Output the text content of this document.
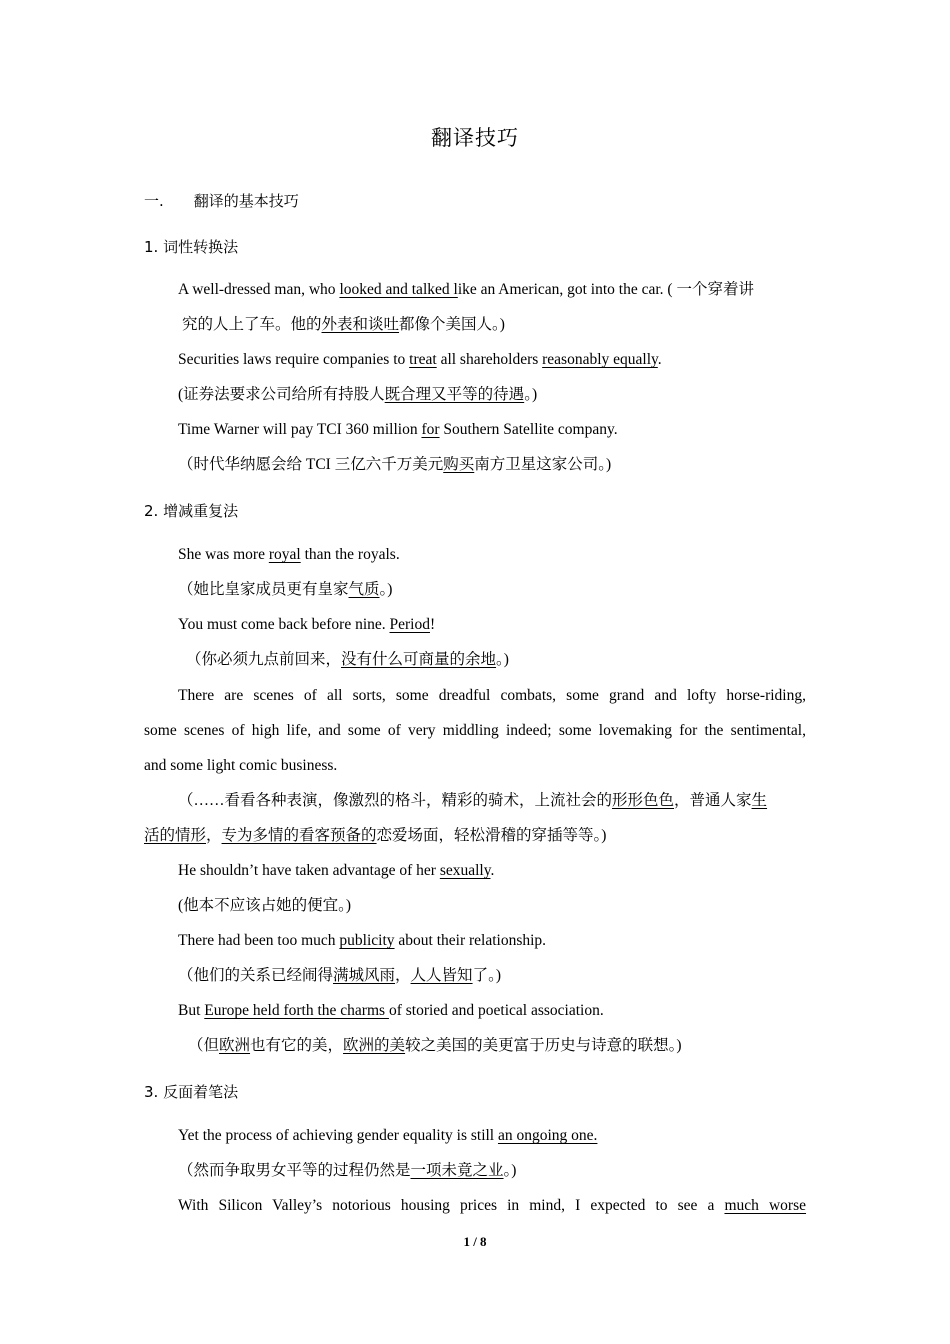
翻译技巧
一.　　翻译的基本技巧
1. 词性转换法
A well-dressed man, who looked and talked like an American, got into the car. ( 一个穿着讲
究的人上了车。他的外表和谈吐都像个美国人。)
Securities laws require companies to treat all shareholders reasonably equally.
(证券法要求公司给所有持股人既合理又平等的待遇。)
Time Warner will pay TCI 360 million for Southern Satellite company.
（时代华纳愿会给 TCI 三亿六千万美元购买南方卫星这家公司。)
2. 增减重复法
She was more royal than the royals.
（她比皇家成员更有皇家气质。)
You must come back before nine. Period!
（你必须九点前回来，没有什么可商量的余地。)
There are scenes of all sorts, some dreadful combats, some grand and lofty horse-riding,
some scenes of high life, and some of very middling indeed; some lovemaking for the sentimental,
and some light comic business.
（……看看各种表演，像激烈的格斗，精彩的骑术，上流社会的形形色色，普通人家生
活的情形，专为多情的看客预备的恋爱场面，轻松滑稽的穿插等等。)
He shouldn’t have taken advantage of her sexually.
(他本不应该占她的便宜。)
There had been too much publicity about their relationship.
（他们的关系已经闹得满城风雨，人人皆知了。)
But Europe held forth the charms of storied and poetical association.
（但欧洲也有它的美，欧洲的美较之美国的美更富于历史与诗意的联想。)
3. 反面着笔法
Yet the process of achieving gender equality is still an ongoing one.
（然而争取男女平等的过程仍然是一项未竟之业。)
With Silicon Valley’s notorious housing prices in mind, I expected to see a much worse
1 / 8
